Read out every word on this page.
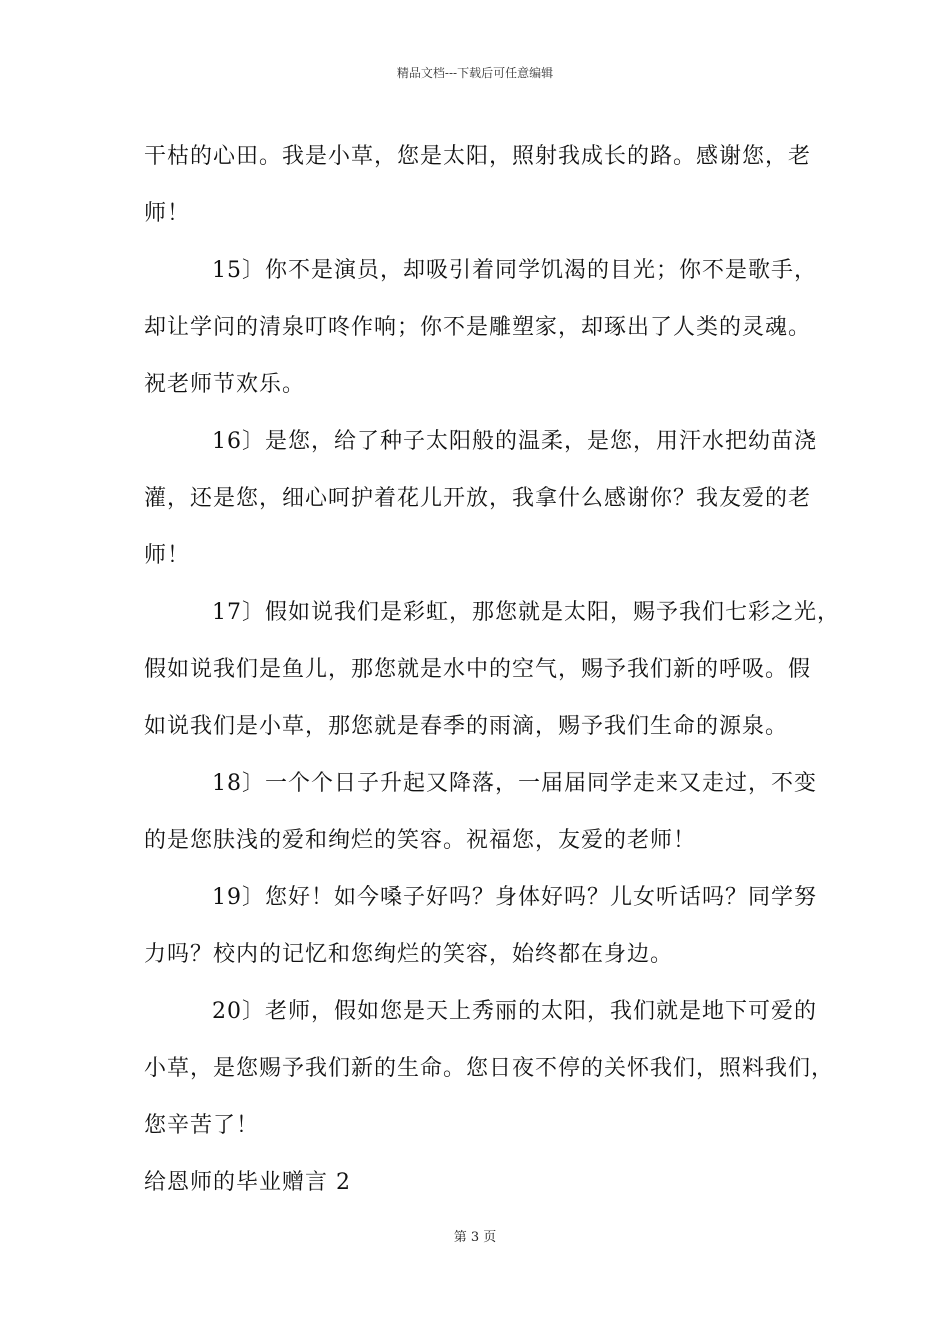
精品文档---下载后可任意编辑
干枯的心田。我是小草，您是太阳，照射我成长的路。感谢您，老
师！
15〕你不是演员，却吸引着同学饥渴的目光；你不是歌手，
却让学问的清泉叮咚作响；你不是雕塑家，却琢出了人类的灵魂。
祝老师节欢乐。
16〕是您，给了种子太阳般的温柔，是您，用汗水把幼苗浇
灌，还是您，细心呵护着花儿开放，我拿什么感谢你？我友爱的老
师！
17〕假如说我们是彩虹，那您就是太阳，赐予我们七彩之光，
假如说我们是鱼儿，那您就是水中的空气，赐予我们新的呼吸。假
如说我们是小草，那您就是春季的雨滴，赐予我们生命的源泉。
18〕一个个日子升起又降落，一届届同学走来又走过，不变
的是您肤浅的爱和绚烂的笑容。祝福您，友爱的老师！
19〕您好！如今嗓子好吗？身体好吗？儿女听话吗？同学努
力吗？校内的记忆和您绚烂的笑容，始终都在身边。
20〕老师，假如您是天上秀丽的太阳，我们就是地下可爱的
小草，是您赐予我们新的生命。您日夜不停的关怀我们，照料我们，
您辛苦了！
给恩师的毕业赠言 2
第 3 页
